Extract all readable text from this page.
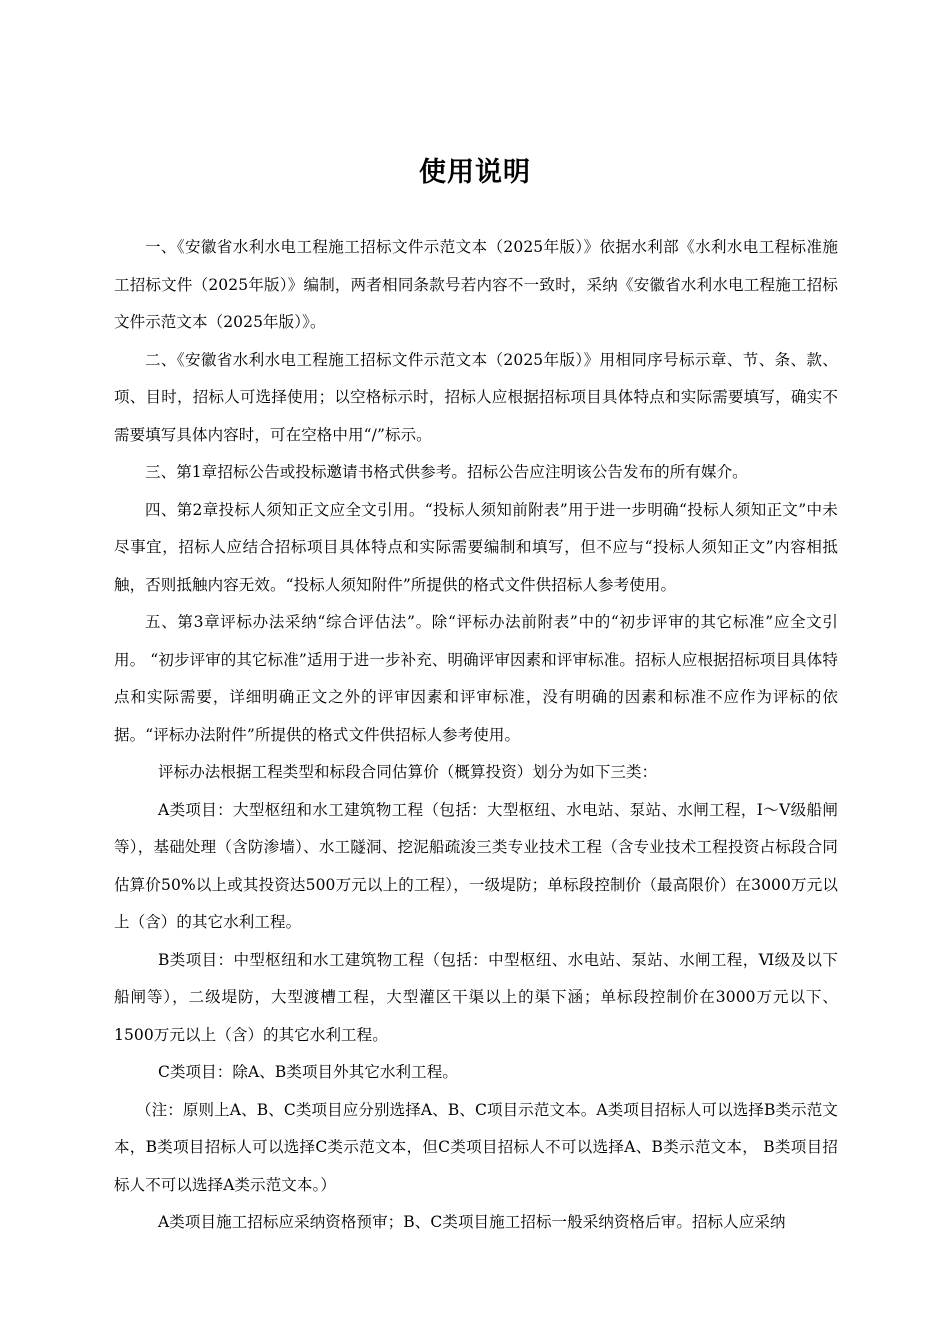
使用说明

一、《安徽省水利水电工程施工招标文件示范文本（2025年版）》依据水利部《水利水电工程标准施工招标文件（2025年版）》编制，两者相同条款号若内容不一致时，采纳《安徽省水利水电工程施工招标文件示范文本（2025年版）》。

二、《安徽省水利水电工程施工招标文件示范文本（2025年版）》用相同序号标示章、节、条、款、项、目时，招标人可选择使用；以空格标示时，招标人应根据招标项目具体特点和实际需要填写，确实不需要填写具体内容时，可在空格中用“/”标示。

三、第1章招标公告或投标邀请书格式供参考。招标公告应注明该公告发布的所有媒介。

四、第2章投标人须知正文应全文引用。“投标人须知前附表”用于进一步明确“投标人须知正文”中未尽事宜，招标人应结合招标项目具体特点和实际需要编制和填写，但不应与“投标人须知正文”内容相抵触，否则抵触内容无效。“投标人须知附件”所提供的格式文件供招标人参考使用。

五、第3章评标办法采纳“综合评估法”。除“评标办法前附表”中的“初步评审的其它标准”应全文引用。 “初步评审的其它标准”适用于进一步补充、明确评审因素和评审标准。招标人应根据招标项目具体特点和实际需要，详细明确正文之外的评审因素和评审标准，没有明确的因素和标准不应作为评标的依据。“评标办法附件”所提供的格式文件供招标人参考使用。

评标办法根据工程类型和标段合同估算价（概算投资）划分为如下三类：

A类项目：大型枢纽和水工建筑物工程（包括：大型枢纽、水电站、泵站、水闸工程，Ⅰ～Ⅴ级船闸等），基础处理（含防渗墙）、水工隧洞、挖泥船疏浚三类专业技术工程（含专业技术工程投资占标段合同估算价50%以上或其投资达500万元以上的工程），一级堤防；单标段控制价（最高限价）在3000万元以上（含）的其它水利工程。

B类项目：中型枢纽和水工建筑物工程（包括：中型枢纽、水电站、泵站、水闸工程，Ⅵ级及以下船闸等），二级堤防，大型渡槽工程，大型灌区干渠以上的渠下涵；单标段控制价在3000万元以下、1500万元以上（含）的其它水利工程。

C类项目：除A、B类项目外其它水利工程。

（注：原则上A、B、C类项目应分别选择A、B、C项目示范文本。A类项目招标人可以选择B类示范文本，B类项目招标人可以选择C类示范文本，但C类项目招标人不可以选择A、B类示范文本， B类项目招标人不可以选择A类示范文本。）

A类项目施工招标应采纳资格预审；B、C类项目施工招标一般采纳资格后审。招标人应采纳
